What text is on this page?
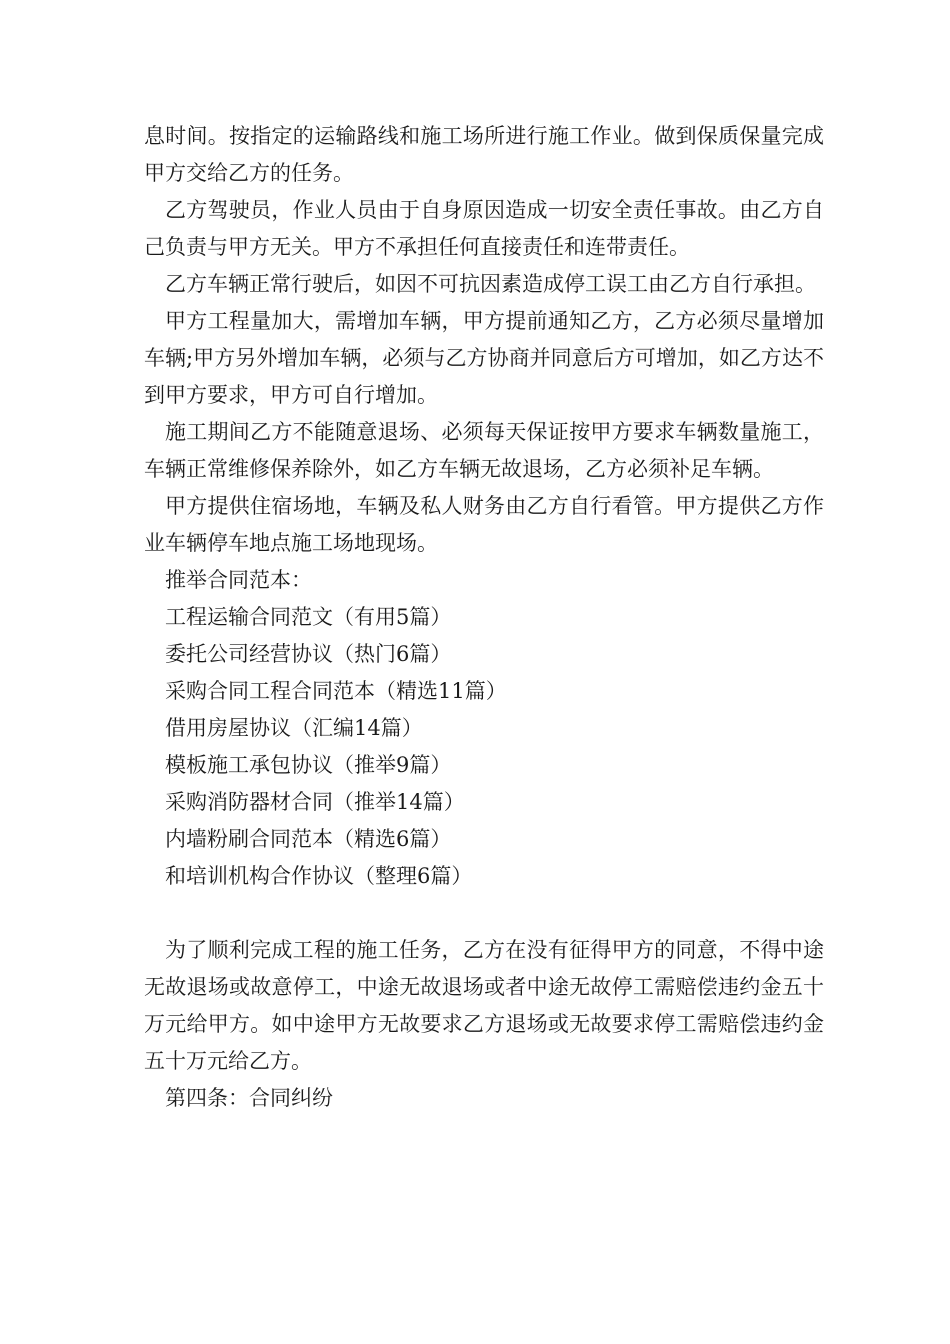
息时间。按指定的运输路线和施工场所进行施工作业。做到保质保量完成甲方交给乙方的任务。

乙方驾驶员，作业人员由于自身原因造成一切安全责任事故。由乙方自己负责与甲方无关。甲方不承担任何直接责任和连带责任。

乙方车辆正常行驶后，如因不可抗因素造成停工误工由乙方自行承担。

甲方工程量加大，需增加车辆，甲方提前通知乙方，乙方必须尽量增加车辆;甲方另外增加车辆，必须与乙方协商并同意后方可增加，如乙方达不到甲方要求，甲方可自行增加。

施工期间乙方不能随意退场、必须每天保证按甲方要求车辆数量施工，车辆正常维修保养除外，如乙方车辆无故退场，乙方必须补足车辆。

甲方提供住宿场地，车辆及私人财务由乙方自行看管。甲方提供乙方作业车辆停车地点施工场地现场。

推举合同范本：

工程运输合同范文（有用5篇）
委托公司经营协议（热门6篇）
采购合同工程合同范本（精选11篇）
借用房屋协议（汇编14篇）
模板施工承包协议（推举9篇）
采购消防器材合同（推举14篇）
内墙粉刷合同范本（精选6篇）
和培训机构合作协议（整理6篇）

为了顺利完成工程的施工任务，乙方在没有征得甲方的同意，不得中途无故退场或故意停工，中途无故退场或者中途无故停工需赔偿违约金五十万元给甲方。如中途甲方无故要求乙方退场或无故要求停工需赔偿违约金五十万元给乙方。

第四条：合同纠纷
